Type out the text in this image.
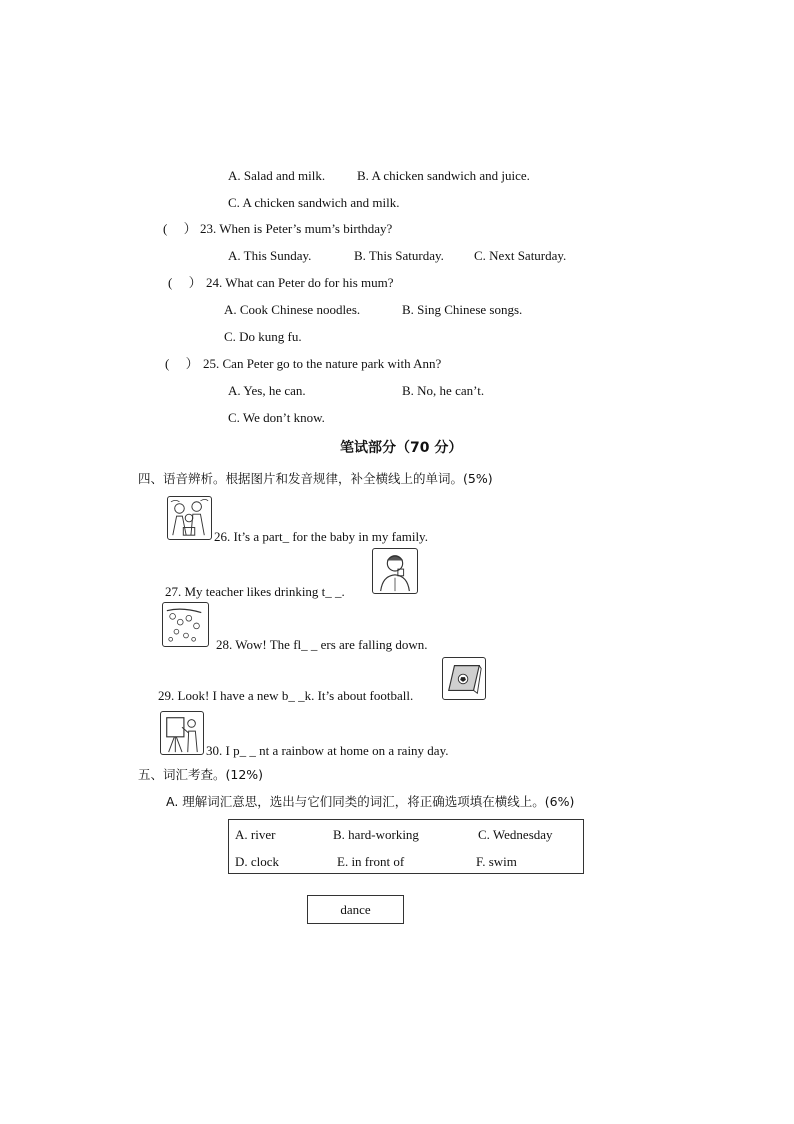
A. Salad and milk. B. A chicken sandwich and juice.
C. A chicken sandwich and milk.
(　 ） 23. When is Peter’s mum’s birthday?
A. This Sunday.	B. This Saturday. C. Next Saturday.
(　 ） 24. What can Peter do for his mum?
A. Cook Chinese noodles.	B. Sing Chinese songs.
C. Do kung fu.
(　 ） 25. Can Peter go to the nature park with Ann?
A. Yes, he can.	B. No, he can’t.
C. We don’t know.
笔试部分（70 分）
四、语音辨析。根据图片和发音规律，补全横线上的单词。(5%)
26. It’s a part_ for the baby in my family.
27. My teacher likes drinking t_ _.
28. Wow! The fl_ _ ers are falling down.
29. Look! I have a new b_ _k. It’s about football.
30. I p_ _ nt a rainbow at home on a rainy day.
五、词汇考查。(12%)
A. 理解词汇意思，选出与它们同类的词汇，将正确选项填在横线上。(6%)
A. river	B. hard-working	C. Wednesday
D. clock	E. in front of	F. swim
dance
